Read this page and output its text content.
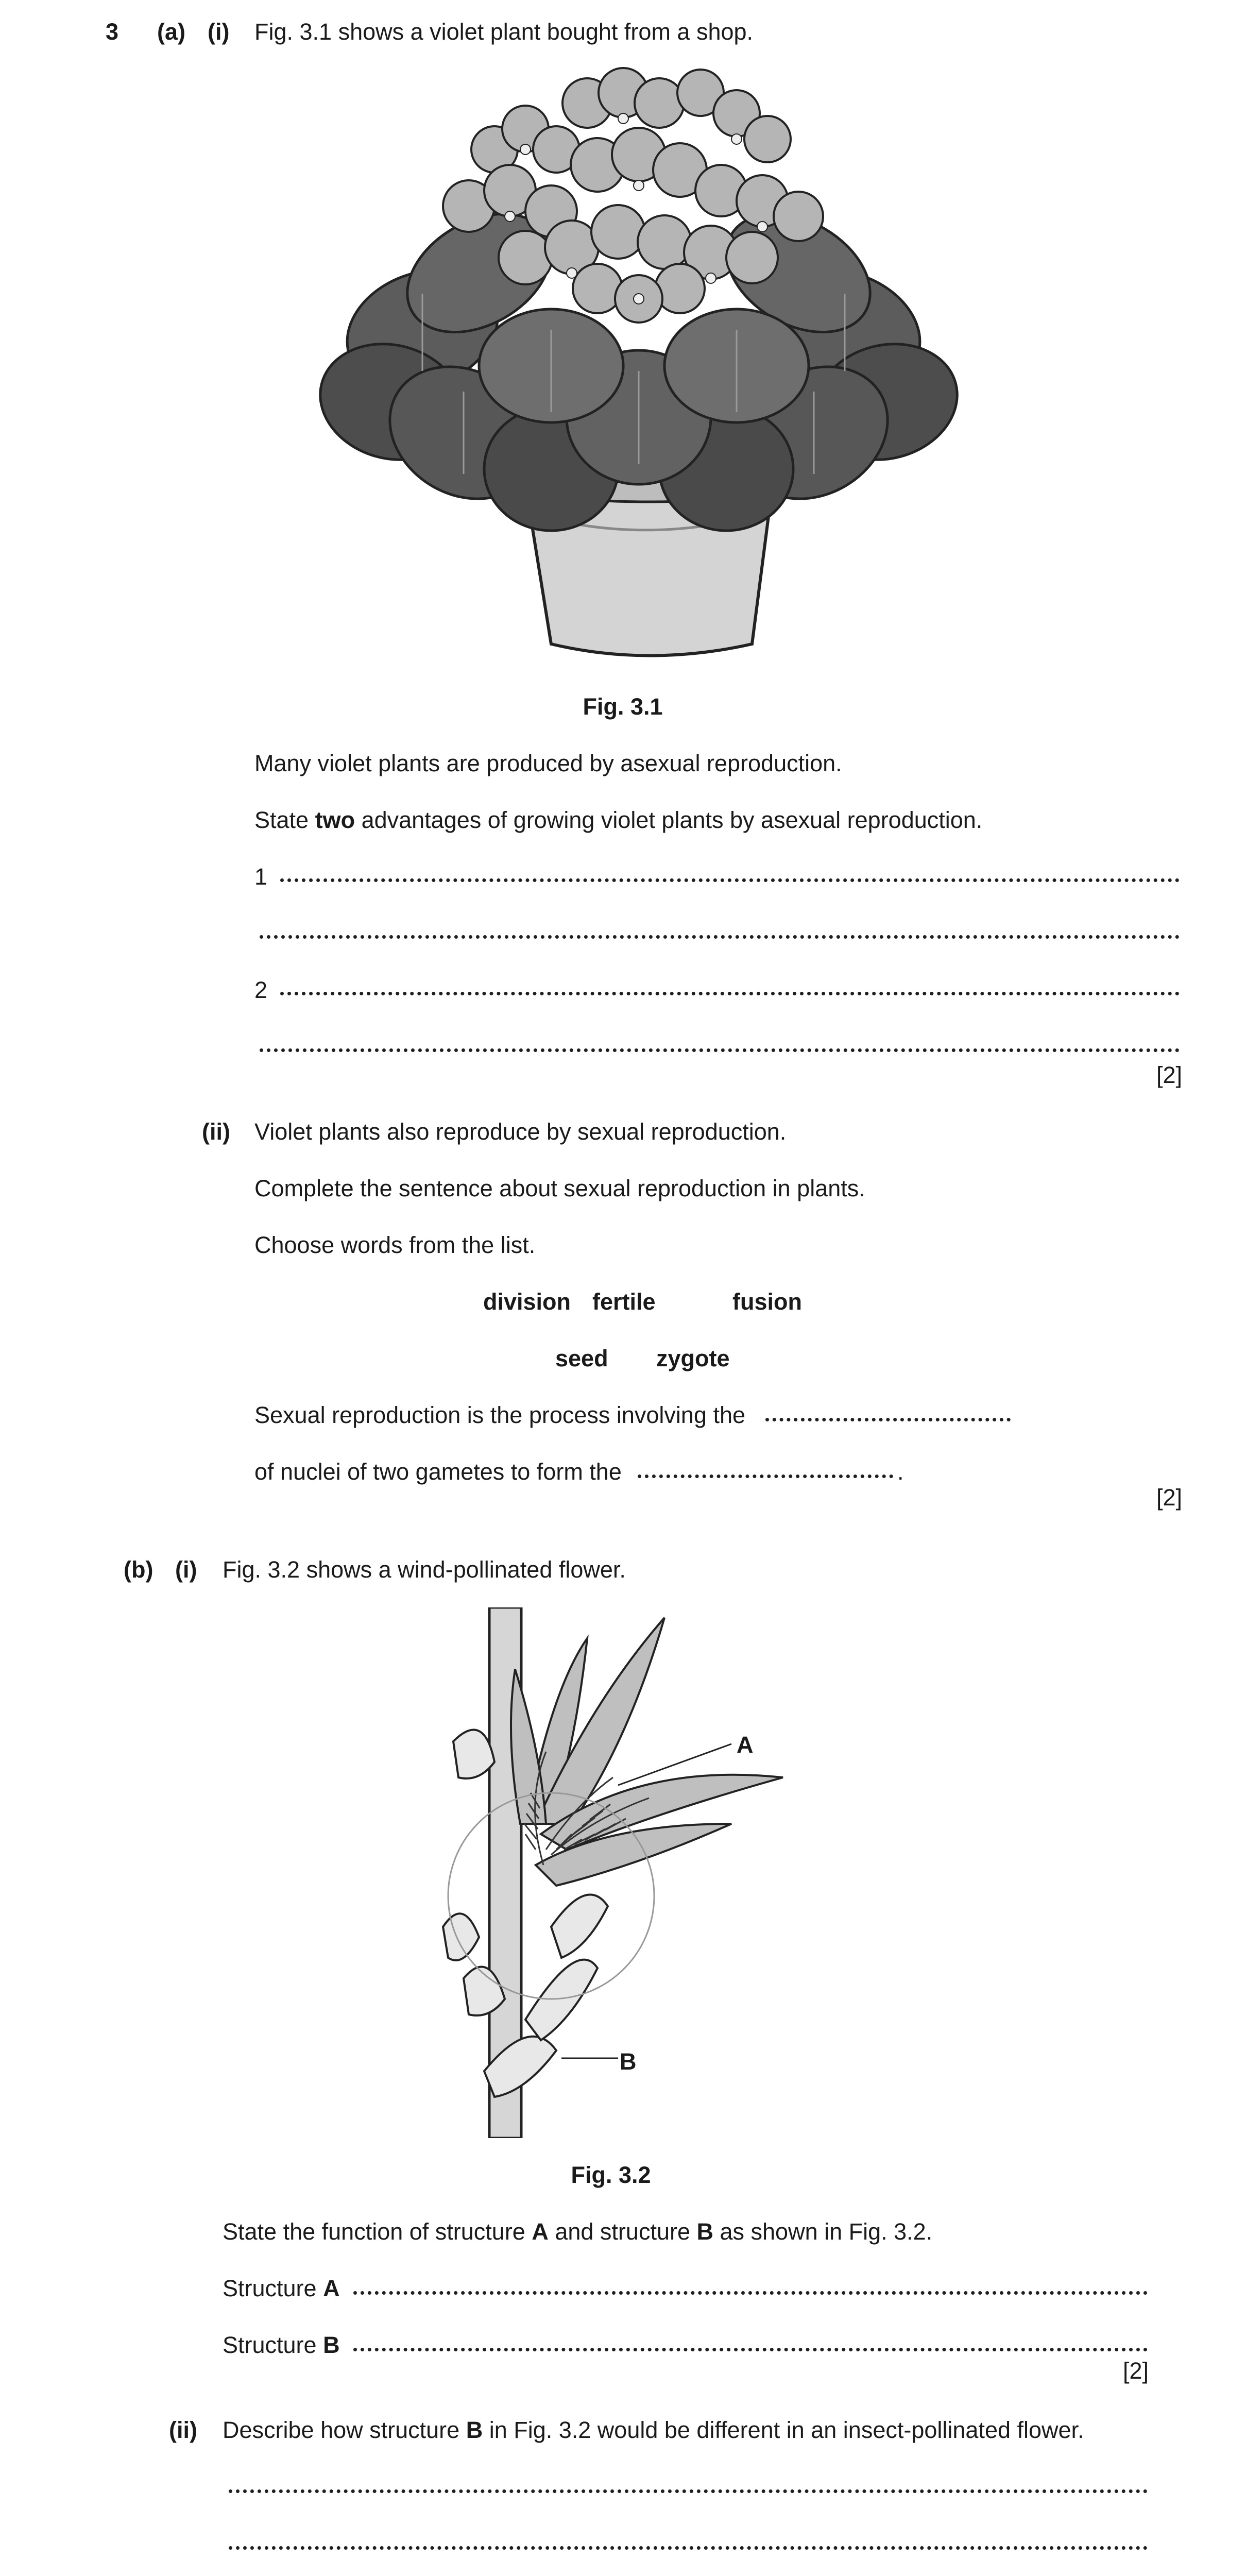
3 (a) (i) Fig. 3.1 shows a violet plant bought from a shop.
Fig. 3.1
Many violet plants are produced by asexual reproduction.
State two advantages of growing violet plants by asexual reproduction.
1
2
[2]
(ii) Violet plants also reproduce by sexual reproduction.
Complete the sentence about sexual reproduction in plants.
Choose words from the list.
division fertile	fusion
seed zygote
Sexual reproduction is the process involving the
of nuclei of two gametes to form the	.
[2]
(b) (i) Fig. 3.2 shows a wind-pollinated flower.
A
B
Fig. 3.2
State the function of structure A and structure B as shown in Fig. 3.2.
Structure A
Structure B
[2]
(ii) Describe how structure B in Fig. 3.2 would be different in an insect-pollinated flower.
